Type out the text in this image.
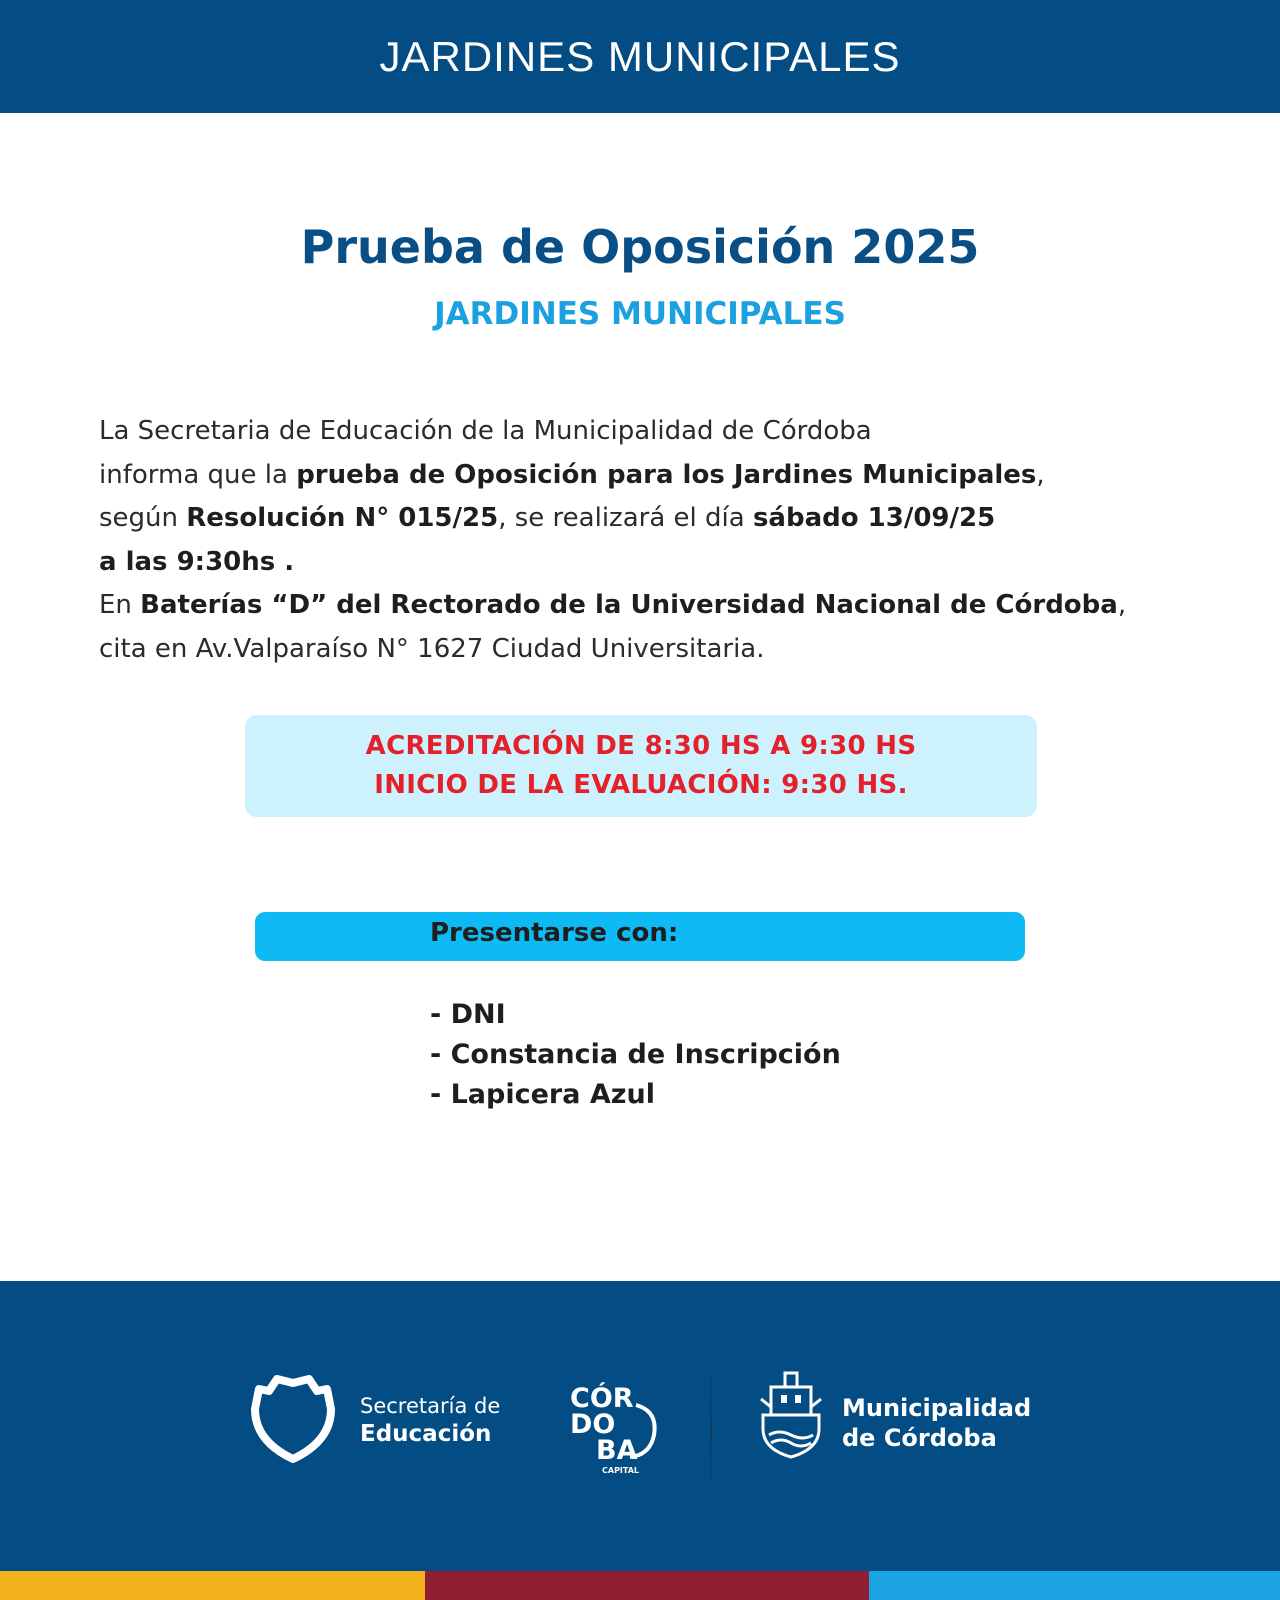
JARDINES MUNICIPALES
Prueba de Oposición 2025
JARDINES MUNICIPALES
La Secretaria de Educación de la Municipalidad de Córdoba
informa que la prueba de Oposición para los Jardines Municipales,
según Resolución N° 015/25, se realizará el día sábado 13/09/25
a las 9:30hs .
En Baterías “D” del Rectorado de la Universidad Nacional de Córdoba,
cita en Av.Valparaíso N° 1627 Ciudad Universitaria.
ACREDITACIÓN DE 8:30 HS A 9:30 HS
INICIO DE LA EVALUACIÓN: 9:30 HS.
Presentarse con:
- DNI
- Constancia de Inscripción
- Lapicera Azul
Secretaría de
Educación
CÓR
DO
BA
CAPITAL
Municipalidad
de Córdoba
